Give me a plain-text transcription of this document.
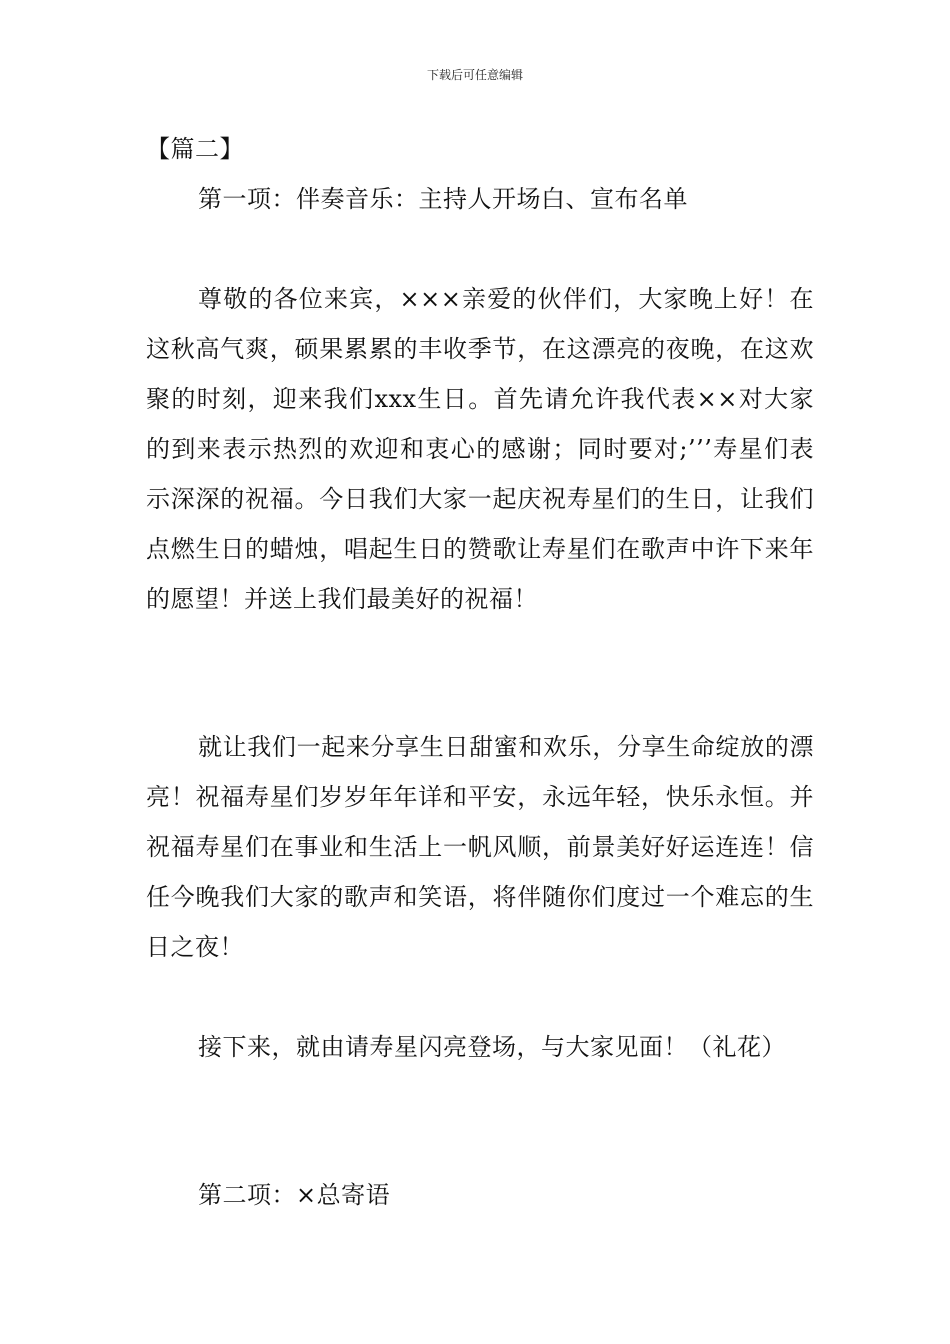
下载后可任意编辑
【篇二】
第一项：伴奏音乐：主持人开场白、宣布名单

尊敬的各位来宾，×××亲爱的伙伴们，大家晚上好！在这秋高气爽，硕果累累的丰收季节，在这漂亮的夜晚，在这欢聚的时刻，迎来我们xxx生日。首先请允许我代表××对大家的到来表示热烈的欢迎和衷心的感谢；同时要对;’’’寿星们表示深深的祝福。今日我们大家一起庆祝寿星们的生日，让我们点燃生日的蜡烛，唱起生日的赞歌让寿星们在歌声中许下来年的愿望！并送上我们最美好的祝福！

就让我们一起来分享生日甜蜜和欢乐，分享生命绽放的漂亮！祝福寿星们岁岁年年详和平安，永远年轻，快乐永恒。并祝福寿星们在事业和生活上一帆风顺，前景美好好运连连！信任今晚我们大家的歌声和笑语，将伴随你们度过一个难忘的生日之夜！

接下来，就由请寿星闪亮登场，与大家见面！（礼花）

第二项：×总寄语
